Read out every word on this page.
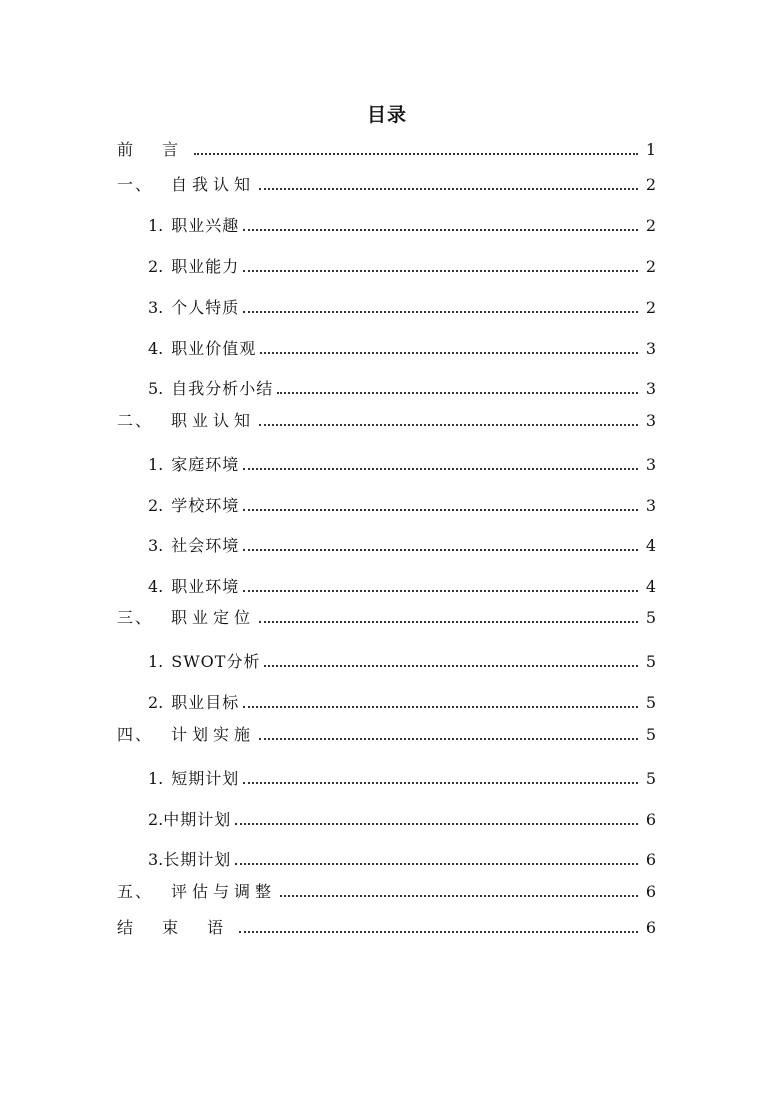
目录
前 言	1
一、	自我认知	2
1. 职业兴趣	2
2. 职业能力	2
3. 个人特质	2
4. 职业价值观	3
5. 自我分析小结	3
二、	职业认知	3
1. 家庭环境	3
2. 学校环境	3
3. 社会环境	4
4. 职业环境	4
三、	职业定位	5
1. SWOT分析	5
2. 职业目标	5
四、	计划实施	5
1. 短期计划	5
2. 中期计划	6
3. 长期计划	6
五、	评估与调整	6
结 束 语	6
